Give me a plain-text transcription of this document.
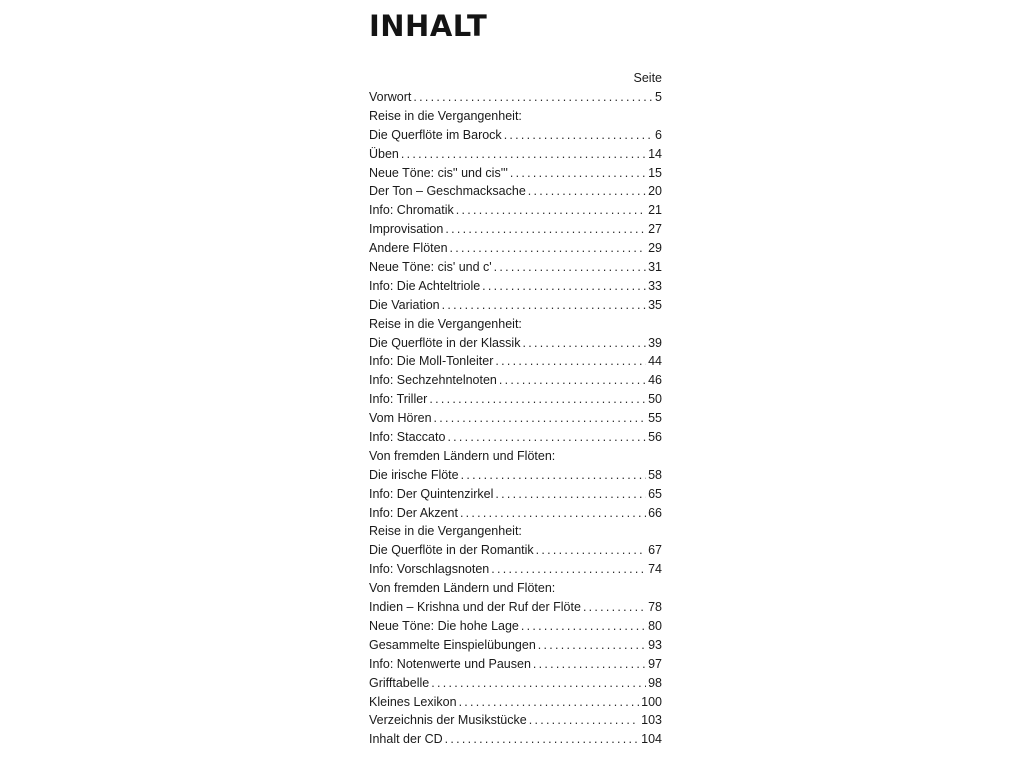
INHALT
Seite
Vorwort . . .	5
Reise in die Vergangenheit:
Die Querflöte im Barock . . .	6
Üben . . .	14
Neue Töne: cis'' und cis''' . . .	15
Der Ton – Geschmacksache . . .	20
Info: Chromatik . . .	21
Improvisation . . .	27
Andere Flöten . . .	29
Neue Töne: cis' und c' . . .	31
Info: Die Achteltriole . . .	33
Die Variation . . .	35
Reise in die Vergangenheit:
Die Querflöte in der Klassik . . .	39
Info: Die Moll-Tonleiter . . .	44
Info: Sechzehntelnoten . . .	46
Info: Triller . . .	50
Vom Hören . . .	55
Info: Staccato . . .	56
Von fremden Ländern und Flöten:
Die irische Flöte . . .	58
Info: Der Quintenzirkel . . .	65
Info: Der Akzent . . .	66
Reise in die Vergangenheit:
Die Querflöte in der Romantik . . .	67
Info: Vorschlagsnoten . . .	74
Von fremden Ländern und Flöten:
Indien – Krishna und der Ruf der Flöte . . .	78
Neue Töne: Die hohe Lage . . .	80
Gesammelte Einspielübungen . . .	93
Info: Notenwerte und Pausen . . .	97
Grifftabelle . . .	98
Kleines Lexikon . . .	100
Verzeichnis der Musikstücke . . .	103
Inhalt der CD . . .	104
